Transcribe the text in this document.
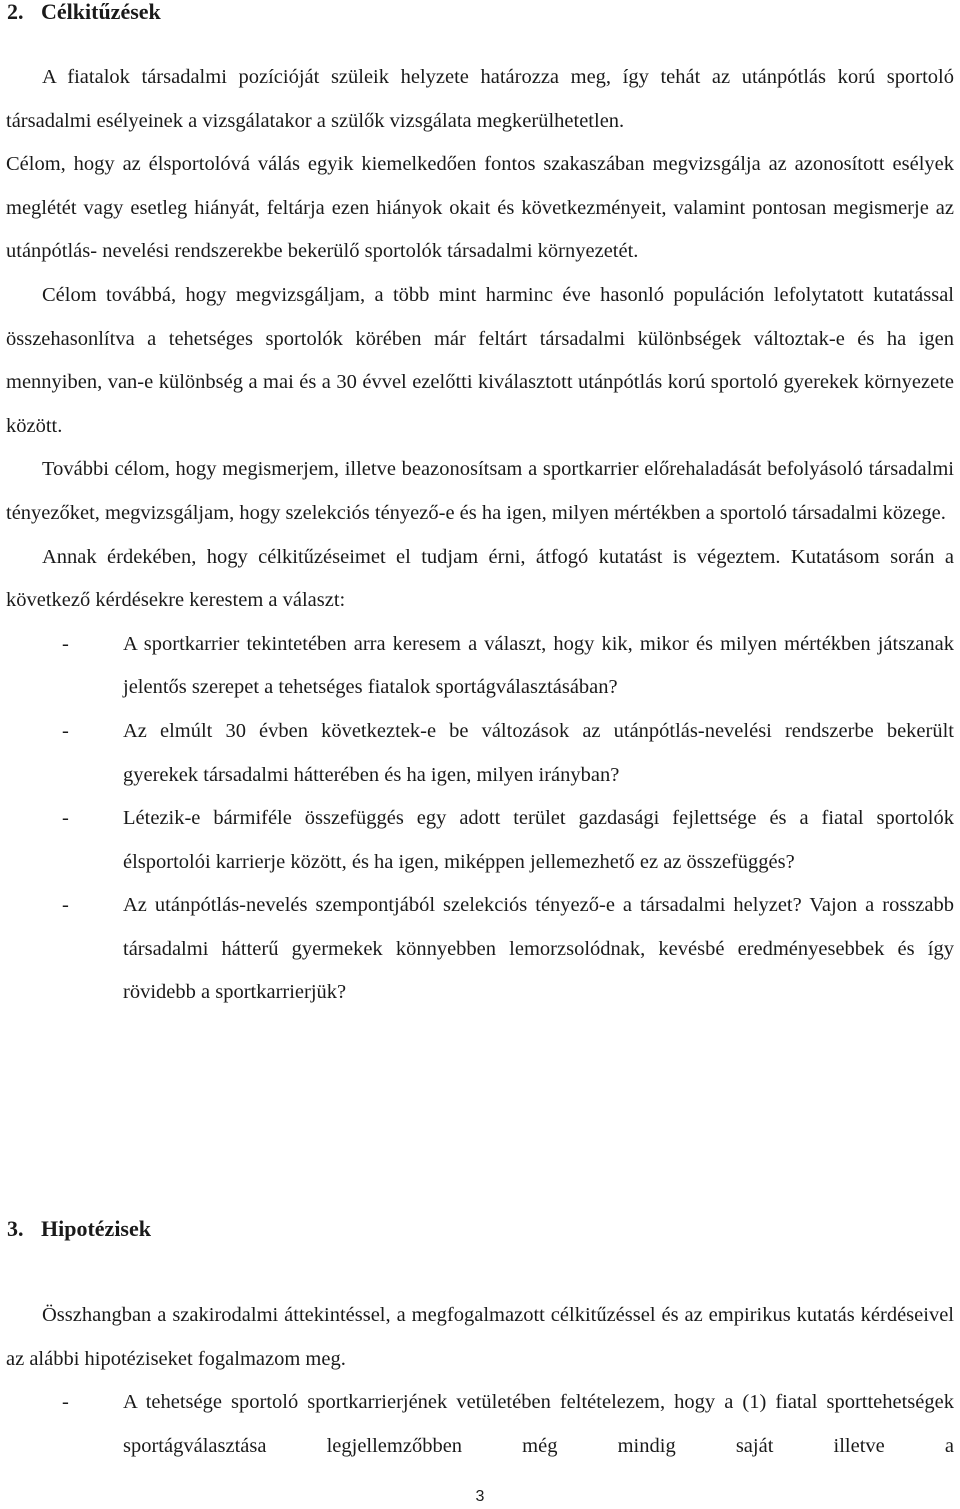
2. Célkitűzések

A fiatalok társadalmi pozícióját szüleik helyzete határozza meg, így tehát az utánpótlás korú sportoló társadalmi esélyeinek a vizsgálatakor a szülők vizsgálata megkerülhetetlen.

Célom, hogy az élsportolóvá válás egyik kiemelkedően fontos szakaszában megvizsgálja az azonosított esélyek meglétét vagy esetleg hiányát, feltárja ezen hiányok okait és következményeit, valamint pontosan megismerje az utánpótlás- nevelési rendszerekbe bekerülő sportolók társadalmi környezetét.

Célom továbbá, hogy megvizsgáljam, a több mint harminc éve hasonló populáción lefolytatott kutatással összehasonlítva a tehetséges sportolók körében már feltárt társadalmi különbségek változtak-e és ha igen mennyiben, van-e különbség a mai és a 30 évvel ezelőtti kiválasztott utánpótlás korú sportoló gyerekek környezete között.

További célom, hogy megismerjem, illetve beazonosítsam a sportkarrier előrehaladását befolyásoló társadalmi tényezőket, megvizsgáljam, hogy szelekciós tényező-e és ha igen, milyen mértékben a sportoló társadalmi közege.

Annak érdekében, hogy célkitűzéseimet el tudjam érni, átfogó kutatást is végeztem. Kutatásom során a következő kérdésekre kerestem a választ:

-	A sportkarrier tekintetében arra keresem a választ, hogy kik, mikor és milyen mértékben játszanak jelentős szerepet a tehetséges fiatalok sportágválasztásában?
-	Az elmúlt 30 évben következtek-e be változások az utánpótlás-nevelési rendszerbe bekerült gyerekek társadalmi hátterében és ha igen, milyen irányban?
-	Létezik-e bármiféle összefüggés egy adott terület gazdasági fejlettsége és a fiatal sportolók élsportolói karrierje között, és ha igen, miképpen jellemezhető ez az összefüggés?
-	Az utánpótlás-nevelés szempontjából szelekciós tényező-e a társadalmi helyzet? Vajon a rosszabb társadalmi hátterű gyermekek könnyebben lemorzsolódnak, kevésbé eredményesebbek és így rövidebb a sportkarrierjük?
3. Hipotézisek

Összhangban a szakirodalmi áttekintéssel, a megfogalmazott célkitűzéssel és az empirikus kutatás kérdéseivel az alábbi hipotéziseket fogalmazom meg.

-	A tehetsége sportoló sportkarrierjének vetületében feltételezem, hogy a (1) fiatal sporttehetségek sportágválasztása legjellemzőbben még mindig saját illetve a
3
